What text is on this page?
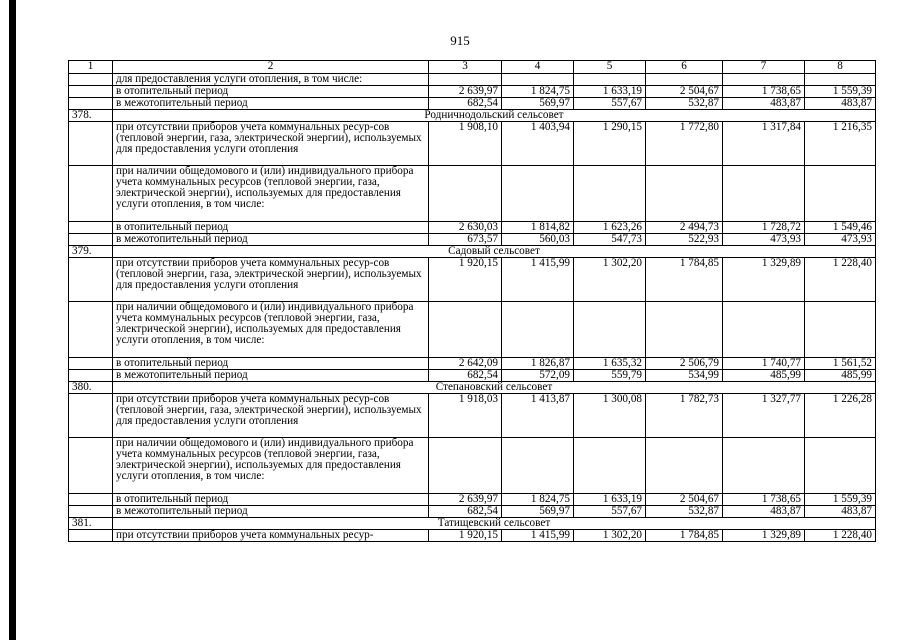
915
1	2	3	4	5	6	7	8
	для предоставления услуги отопления, в том числе:						
	в отопительный период	2 639,97	1 824,75	1 633,19	2 504,67	1 738,65	1 559,39
	в межотопительный период	682,54	569,97	557,67	532,87	483,87	483,87
378.	Родничнодольский сельсовет						
	при отсутствии приборов учета коммунальных ресур-сов (тепловой энергии, газа, электрической энергии), используемых для предоставления услуги отопления	1 908,10	1 403,94	1 290,15	1 772,80	1 317,84	1 216,35
	при наличии общедомового и (или) индивидуального прибора учета коммунальных ресурсов (тепловой энергии, газа, электрической энергии), используемых для предоставления услуги отопления, в том числе:						
	в отопительный период	2 630,03	1 814,82	1 623,26	2 494,73	1 728,72	1 549,46
	в межотопительный период	673,57	560,03	547,73	522,93	473,93	473,93
379.	Садовый сельсовет						
	при отсутствии приборов учета коммунальных ресур-сов (тепловой энергии, газа, электрической энергии), используемых для предоставления услуги отопления	1 920,15	1 415,99	1 302,20	1 784,85	1 329,89	1 228,40
	при наличии общедомового и (или) индивидуального прибора учета коммунальных ресурсов (тепловой энергии, газа, электрической энергии), используемых для предоставления услуги отопления, в том числе:						
	в отопительный период	2 642,09	1 826,87	1 635,32	2 506,79	1 740,77	1 561,52
	в межотопительный период	682,54	572,09	559,79	534,99	485,99	485,99
380.	Степановский сельсовет						
	при отсутствии приборов учета коммунальных ресур-сов (тепловой энергии, газа, электрической энергии), используемых для предоставления услуги отопления	1 918,03	1 413,87	1 300,08	1 782,73	1 327,77	1 226,28
	при наличии общедомового и (или) индивидуального прибора учета коммунальных ресурсов (тепловой энергии, газа, электрической энергии), используемых для предоставления услуги отопления, в том числе:						
	в отопительный период	2 639,97	1 824,75	1 633,19	2 504,67	1 738,65	1 559,39
	в межотопительный период	682,54	569,97	557,67	532,87	483,87	483,87
381.	Татищевский сельсовет						
	при отсутствии приборов учета коммунальных ресур-	1 920,15	1 415,99	1 302,20	1 784,85	1 329,89	1 228,40
